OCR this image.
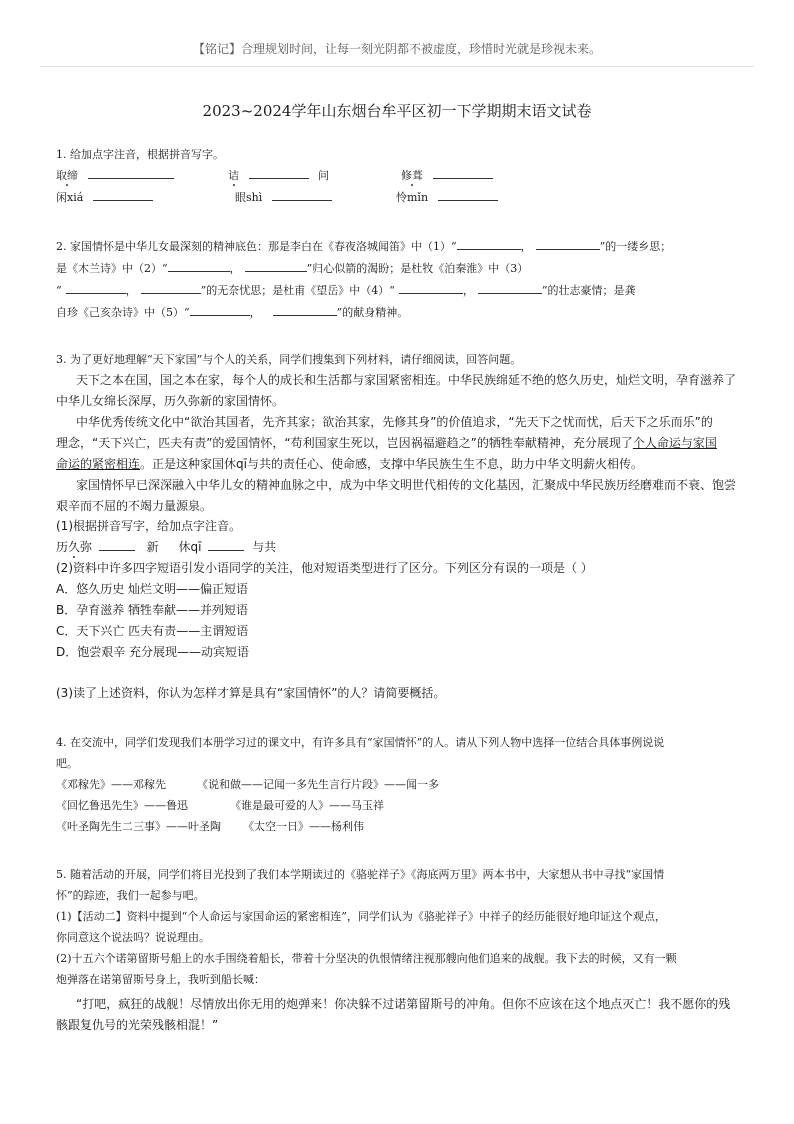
【铭记】合理规划时间，让每一刻光阴都不被虚度，珍惜时光就是珍视未来。
2023~2024学年山东烟台牟平区初一下学期期末语文试卷
1. 给加点字注音，根据拼音写字。
取缔	诘	问	修葺
闲xiá	眼shì	怜mǐn
2. 家国情怀是中华儿女最深刻的精神底色：那是李白在《春夜洛城闻笛》中（1）“	，	”的一缕乡思；
是《木兰诗》中（2）“	，	”归心似箭的渴盼；是杜牧《泊秦淮》中（3）
“	，	”的无奈忧思；是杜甫《望岳》中（4）“	，	”的壮志豪情；是龚
自珍《己亥杂诗》中（5）“	，	”的献身精神。
3. 为了更好地理解“天下家国”与个人的关系，同学们搜集到下列材料，请仔细阅读，回答问题。
天下之本在国，国之本在家，每个人的成长和生活都与家国紧密相连。中华民族绵延不绝的悠久历史，灿烂文明，孕育滋养了
中华儿女绵长深厚，历久弥新的家国情怀。
中华优秀传统文化中“欲治其国者，先齐其家；欲治其家，先修其身”的价值追求，“先天下之忧而忧，后天下之乐而乐”的
理念，“天下兴亡，匹夫有责”的爱国情怀，“苟利国家生死以，岂因祸福避趋之”的牺牲奉献精神，充分展现了个人命运与家国
命运的紧密相连。正是这种家国休qī与共的责任心、使命感，支撑中华民族生生不息，助力中华文明薪火相传。
家国情怀早已深深融入中华儿女的精神血脉之中，成为中华文明世代相传的文化基因，汇聚成中华民族历经磨难而不衰、饱尝
艰辛而不屈的不竭力量源泉。
(1)根据拼音写字，给加点字注音。
历久弥	新 休qī	与共
(2)资料中许多四字短语引发小语同学的关注，他对短语类型进行了区分。下列区分有误的一项是（ ）
A．悠久历史 灿烂文明——偏正短语
B．孕育滋养 牺牲奉献——并列短语
C．天下兴亡 匹夫有责——主谓短语
D．饱尝艰辛 充分展现——动宾短语
(3)读了上述资料，你认为怎样才算是具有“家国情怀”的人？请简要概括。
4. 在交流中，同学们发现我们本册学习过的课文中，有许多具有“家国情怀”的人。请从下列人物中选择一位结合具体事例说说
吧。
《邓稼先》——邓稼先	《说和做——记闻一多先生言行片段》——闻一多
《回忆鲁迅先生》——鲁迅	《谁是最可爱的人》——马玉祥
《叶圣陶先生二三事》——叶圣陶 《太空一日》——杨利伟
5. 随着活动的开展，同学们将目光投到了我们本学期读过的《骆驼祥子》《海底两万里》两本书中，大家想从书中寻找“家国情
怀”的踪迹，我们一起参与吧。
(1)【活动二】资料中提到“个人命运与家国命运的紧密相连”，同学们认为《骆驼祥子》中祥子的经历能很好地印证这个观点，
你同意这个说法吗？说说理由。
(2)十五六个诺第留斯号船上的水手围绕着船长，带着十分坚决的仇恨情绪注视那艘向他们追来的战舰。我下去的时候，又有一颗
炮弹落在诺第留斯号身上，我听到船长喊：
“打吧，疯狂的战舰！尽情放出你无用的炮弹来！你决躲不过诺第留斯号的冲角。但你不应该在这个地点灭亡！我不愿你的残
骸跟复仇号的光荣残骸相混！”
